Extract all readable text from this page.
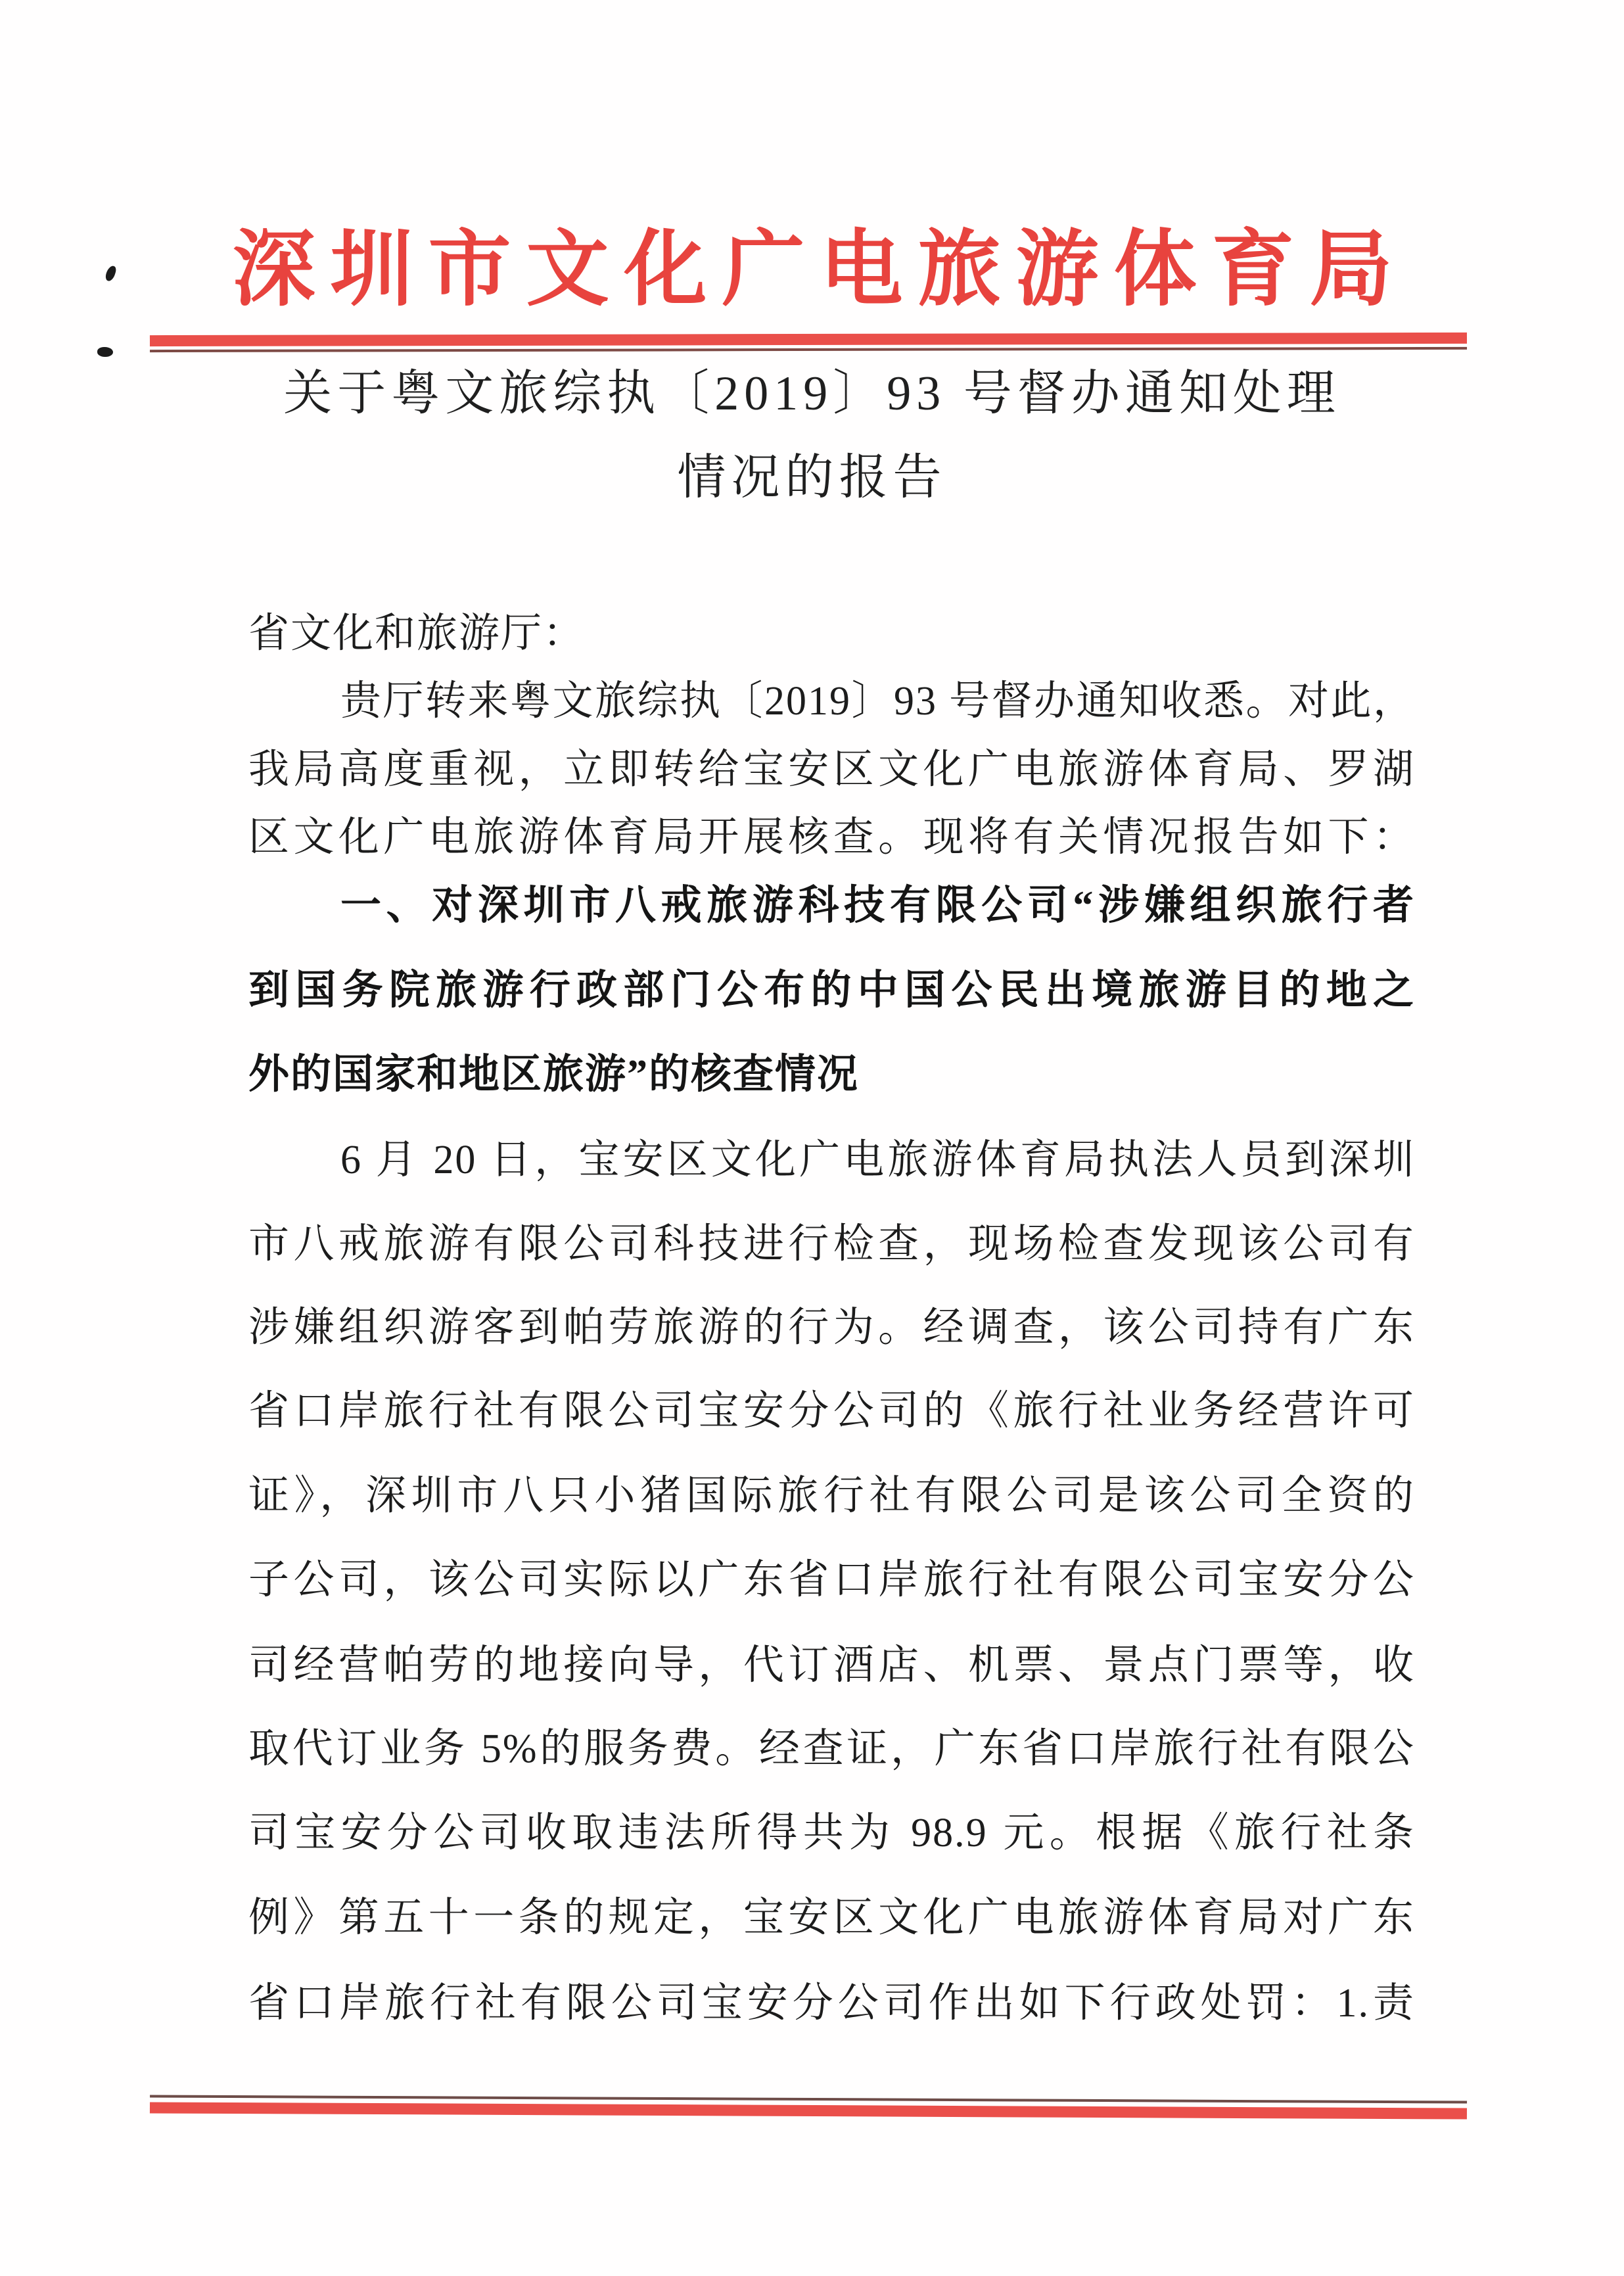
深圳市文化广电旅游体育局
关于粤文旅综执〔2019〕93 号督办通知处理
情况的报告
省文化和旅游厅：
贵厅转来粤文旅综执〔2019〕93 号督办通知收悉。对此，
我局高度重视，立即转给宝安区文化广电旅游体育局、罗湖
区文化广电旅游体育局开展核查。现将有关情况报告如下：
一、对深圳市八戒旅游科技有限公司“涉嫌组织旅行者
到国务院旅游行政部门公布的中国公民出境旅游目的地之
外的国家和地区旅游”的核查情况
6 月 20 日，宝安区文化广电旅游体育局执法人员到深圳
市八戒旅游有限公司科技进行检查，现场检查发现该公司有
涉嫌组织游客到帕劳旅游的行为。经调查，该公司持有广东
省口岸旅行社有限公司宝安分公司的《旅行社业务经营许可
证》，深圳市八只小猪国际旅行社有限公司是该公司全资的
子公司，该公司实际以广东省口岸旅行社有限公司宝安分公
司经营帕劳的地接向导，代订酒店、机票、景点门票等，收
取代订业务 5%的服务费。经查证，广东省口岸旅行社有限公
司宝安分公司收取违法所得共为 98.9 元。根据《旅行社条
例》第五十一条的规定，宝安区文化广电旅游体育局对广东
省口岸旅行社有限公司宝安分公司作出如下行政处罚：1.责
